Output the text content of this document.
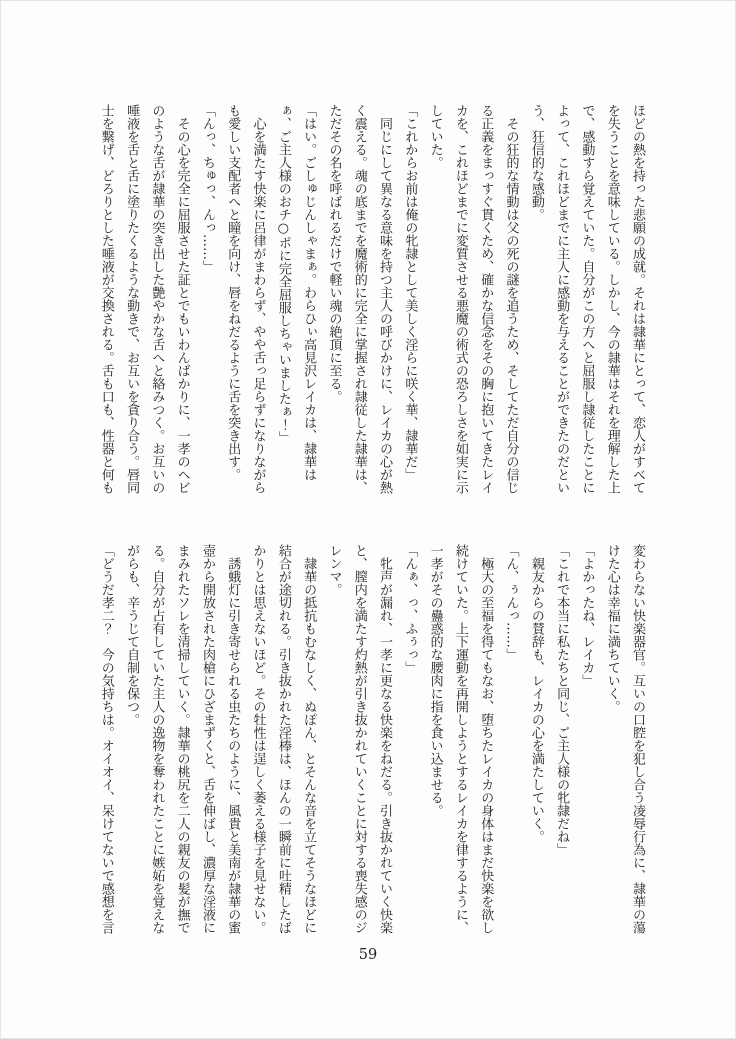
ほどの熱を持った悲願の成就。それは隷華にとって、恋人がすべて

を失うことを意味している。しかし、今の隷華はそれを理解した上

で、感動すら覚えていた。自分がこの方へと屈服し隷従したことに

よって、これほどまでに主人に感動を与えることができたのだとい

う、狂信的な感動。

　その狂的な情動は父の死の謎を追うため、そしてただ自分の信じ

る正義をまっすぐ貫くため、確かな信念をその胸に抱いてきたレイ

カを、これほどまでに変質させる悪魔の術式の恐ろしさを如実に示

していた。

「これからお前は俺の牝隷として美しく淫らに咲く華、隷華だ」

　同じにして異なる意味を持つ主人の呼びかけに、レイカの心が熱

く震える。魂の底までを魔術的に完全に掌握され隷従した隷華は、

ただその名を呼ばれるだけで軽い魂の絶頂に至る。

「はい。ごしゅじんしゃまぁ。わらひぃ高見沢レイカは、隷華は

ぁ、ご主人様のおチ○ポに完全屈服しちゃいましたぁ！」

　心を満たす快楽に呂律がまわらず、やや舌っ足らずになりながら

も愛しい支配者へと瞳を向け、唇をねだるように舌を突き出す。

「んっ、ちゅっ、んっ……」

　その心を完全に屈服させた証とでもいわんばかりに、一孝のヘビ

のような舌が隷華の突き出した艶やかな舌へと絡みつく。お互いの

唾液を舌と舌に塗りたくるような動きで、お互いを貪り合う。唇同

士を繋げ、どろりとした唾液が交換される。舌も口も、性器と何も

変わらない快楽器官。互いの口腔を犯し合う凌辱行為に、隷華の蕩

けた心は幸福に満ちていく。

「よかったね、レイカ」

「これで本当に私たちと同じ、ご主人様の牝隷だね」

　親友からの賛辞も、レイカの心を満たしていく。

「ん、ぅんっ……」

　極大の至福を得てもなお、堕ちたレイカの身体はまだ快楽を欲し

続けていた。上下運動を再開しようとするレイカを律するように、

一孝がその蠱惑的な腰肉に指を食い込ませる。

「んぁ、っ、ふぅっ」

　牝声が漏れ、一孝に更なる快楽をねだる。引き抜かれていく快楽

と、膣内を満たす灼熱が引き抜かれていくことに対する喪失感のジ

レンマ。

　隷華の抵抗もむなしく、ぬぽん、とそんな音を立てそうなほどに

結合が途切れる。引き抜かれた淫棒は、ほんの一瞬前に吐精したば

かりとは思えないほど。その牡性は逞しく萎える様子を見せない。

　誘蛾灯に引き寄せられる虫たちのように、風貴と美南が隷華の蜜

壺から開放された肉槍にひざまずくと、舌を伸ばし、濃厚な淫液に

まみれたソレを清掃していく。隷華の桃尻を二人の親友の髪が撫で

る。自分が占有していた主人の逸物を奪われたことに嫉妬を覚えな

がらも、辛うじて自制を保つ。

「どうだ孝二？　今の気持ちは。オイオイ、呆けてないで感想を言

59
